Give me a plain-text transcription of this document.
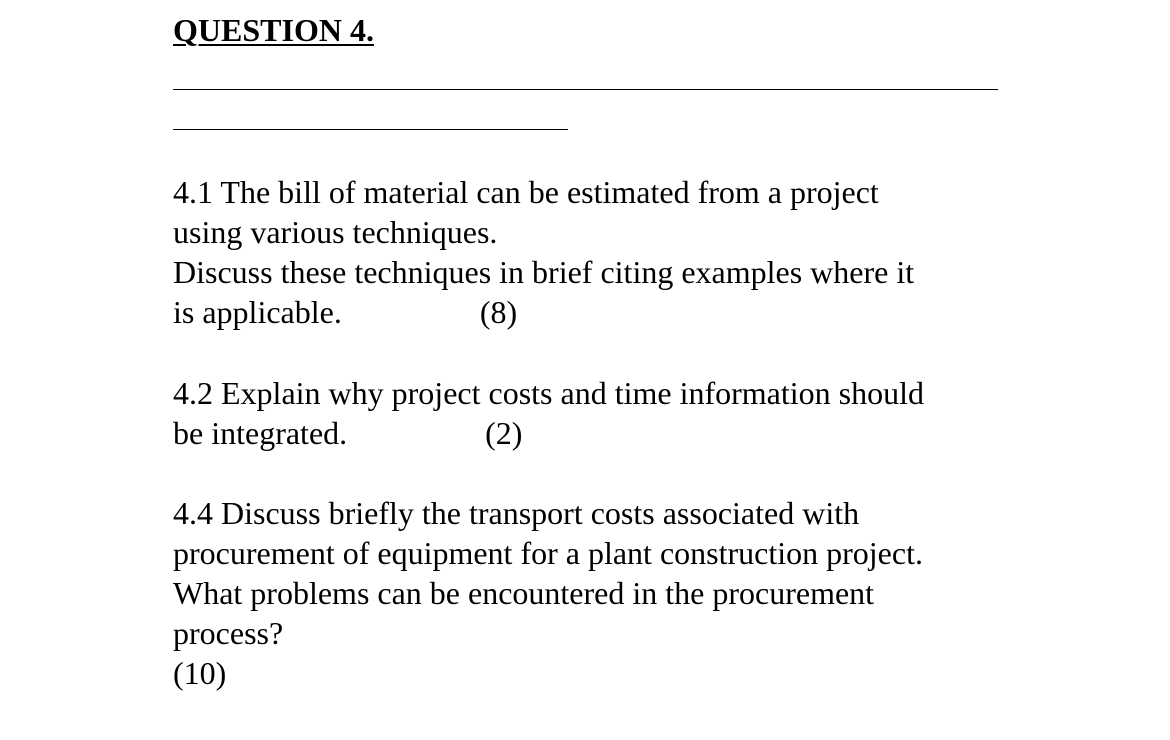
QUESTION 4.

4.1 The bill of material can be estimated from a project
using various techniques.
Discuss these techniques in brief citing examples where it
is applicable.	(8)

4.2 Explain why project costs and time information should
be integrated.	(2)

4.4 Discuss briefly the transport costs associated with
procurement of equipment for a plant construction project.
What problems can be encountered in the procurement
process?
(10)
